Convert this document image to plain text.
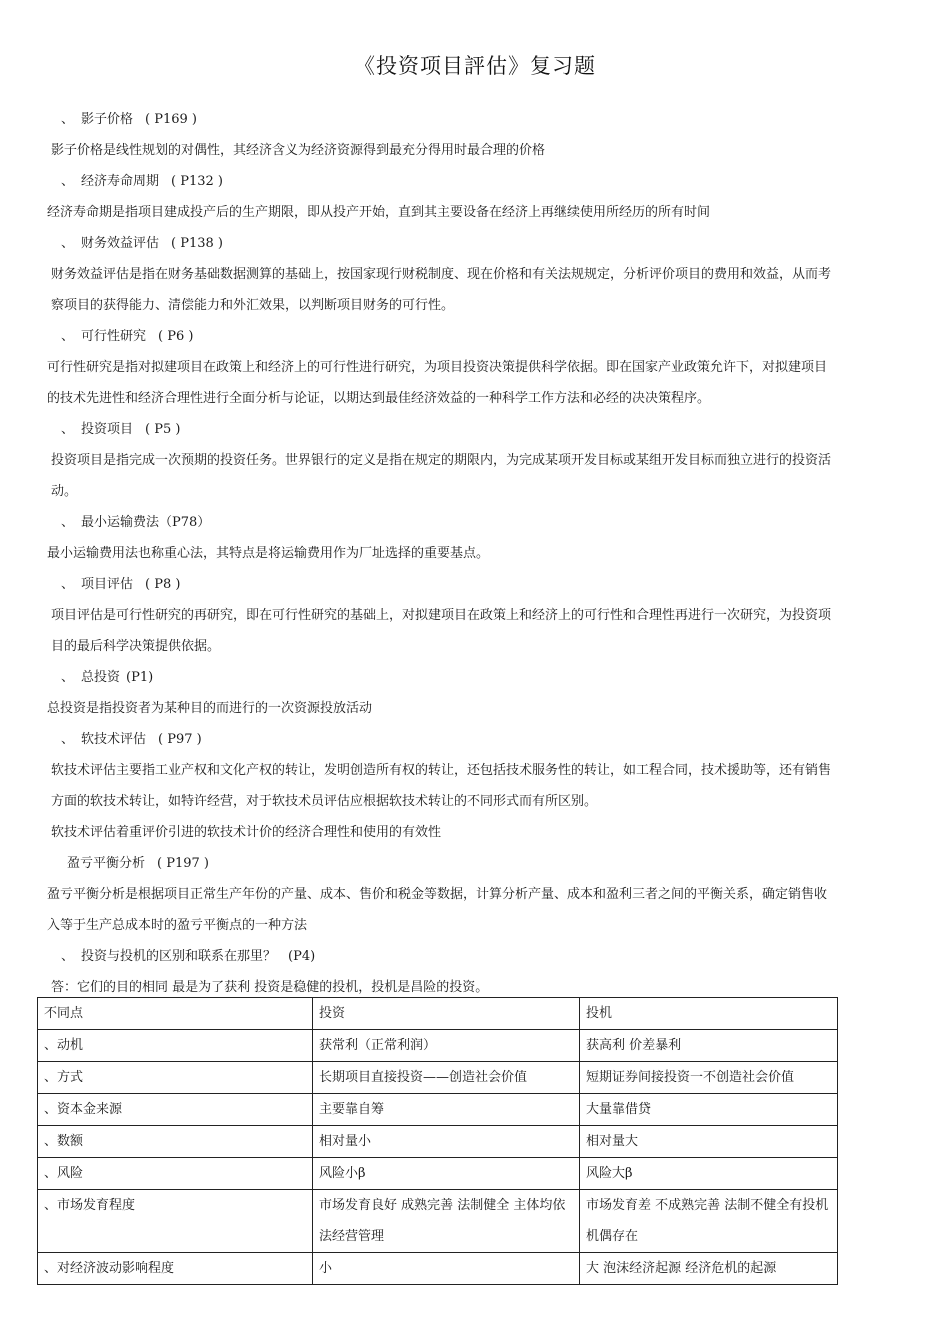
《投资项目評估》复习题
、 影子价格 ( P169 )
影子价格是线性规划的对偶性，其经济含义为经济资源得到最充分得用时最合理的价格
、 经济寿命周期 ( P132 )
经济寿命期是指项目建成投产后的生产期限，即从投产开始，直到其主要设备在经济上再继续使用所经历的所有时间
、 财务效益评估 ( P138 )
财务效益评估是指在财务基础数据测算的基础上，按国家现行财税制度、现在价格和有关法规规定，分析评价项目的费用和效益，从而考
察项目的获得能力、清偿能力和外汇效果，以判断项目财务的可行性。
、 可行性研究 ( P6 )
可行性研究是指对拟建项目在政策上和经济上的可行性进行研究，为项目投资决策提供科学依据。即在国家产业政策允许下，对拟建项目
的技术先进性和经济合理性进行全面分析与论证，以期达到最佳经济效益的一种科学工作方法和必经的决决策程序。
、 投资项目 ( P5 )
投资项目是指完成一次预期的投资任务。世界银行的定义是指在规定的期限内，为完成某项开发目标或某组开发目标而独立进行的投资活
动。
、 最小运输费法（P78）
最小运输费用法也称重心法，其特点是将运输费用作为厂址选择的重要基点。
、 项目评估 ( P8 )
项目评估是可行性研究的再研究，即在可行性研究的基础上，对拟建项目在政策上和经济上的可行性和合理性再进行一次研究，为投资项
目的最后科学决策提供依据。
、 总投资 (P1)
总投资是指投资者为某种目的而进行的一次资源投放活动
、 软技术评估 ( P97 )
软技术评估主要指工业产权和文化产权的转让，发明创造所有权的转让，还包括技术服务性的转让，如工程合同，技术援助等，还有销售
方面的软技术转让，如特许经营，对于软技术员评估应根据软技术转让的不同形式而有所区别。
软技术评估着重评价引进的软技术计价的经济合理性和使用的有效性
盈亏平衡分析 ( P197 )
盈亏平衡分析是根据项目正常生产年份的产量、成本、售价和税金等数据，计算分析产量、成本和盈利三者之间的平衡关系，确定销售收
入等于生产总成本时的盈亏平衡点的一种方法
、 投资与投机的区别和联系在那里？ (P4)
答：它们的目的相同 最是为了获利 投资是稳健的投机，投机是昌险的投资。
不同点	投资	投机
、动机	获常利（正常利润）	获高利 价差暴利
、方式	长期项目直接投资——创造社会价值	短期证券间接投资一不创造社会价值
、资本金来源	主要靠自筹	大量靠借贷
、数额	相对量小	相对量大
、风险	风险小β	风险大β
、市场发育程度	市场发育良好 成熟完善 法制健全 主体均依法经营管理	市场发育差 不成熟完善 法制不健全有投机机偶存在
、对经济波动影响程度	小	大 泡沫经济起源 经济危机的起源
